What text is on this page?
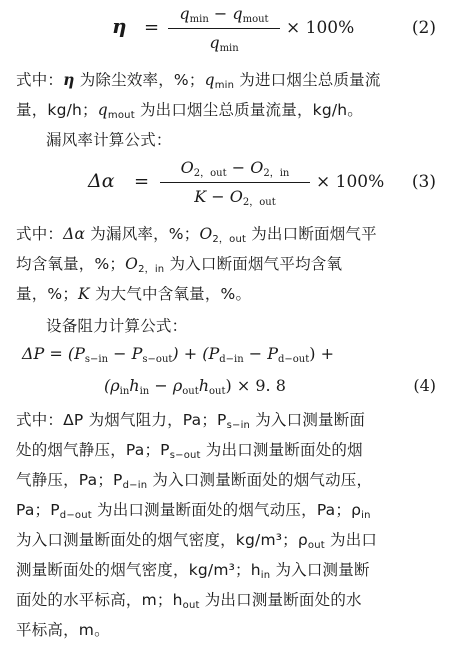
η =
$q_{min} - q_{mout}$
$q_{min}$
× 100%	(2)
式中：η 为除尘效率，%；$q_{min}$ 为进口烟尘总质量流
量，kg/h；$q_{mout}$ 为出口烟尘总质量流量，kg/h。
漏风率计算公式：
Δα =
$O_{2,out} - O_{2,in}$
$K - O_{2,out}$
× 100% (3)
式中：Δα 为漏风率，%；$O_{2,out}$ 为出口断面烟气平
均含氧量，%；$O_{2,in}$ 为入口断面烟气平均含氧
量，%；K 为大气中含氧量，%。
设备阻力计算公式：
$\Delta P = (P_{s-in} - P_{s-out}) + (P_{d-in} - P_{d-out})$ +
$(\rho_{in}h_{in} - \rho_{out}h_{out}) \times 9$. 8	(4)
式中：ΔP 为烟气阻力，Pa；$P_{s-in}$ 为入口测量断面
处的烟气静压，Pa；$P_{s-out}$ 为出口测量断面处的烟
气静压，Pa；$P_{d-in}$ 为入口测量断面处的烟气动压，
Pa；$P_{d-out}$ 为出口测量断面处的烟气动压，Pa；$\rho_{in}$
为入口测量断面处的烟气密度，kg/m³；$\rho_{out}$ 为出口
测量断面处的烟气密度，kg/m³；$h_{in}$ 为入口测量断
面处的水平标高，m；$h_{out}$ 为出口测量断面处的水
平标高，m。
